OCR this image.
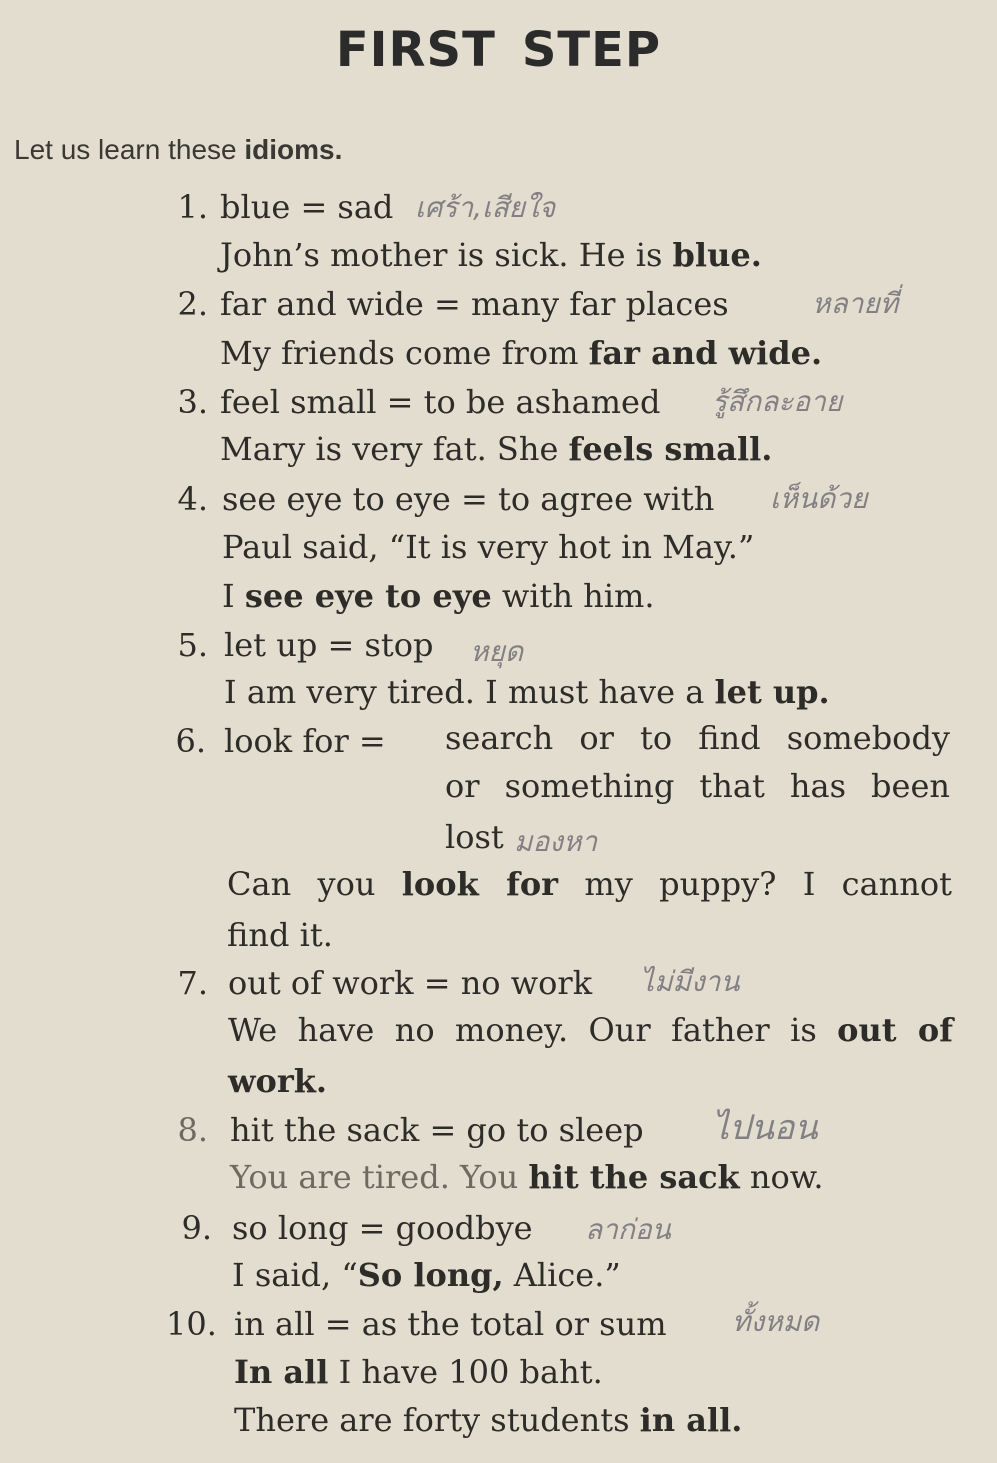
FIRST STEP
Let us learn these idioms.
1. blue = sad เศร้า,เสียใจ
John’s mother is sick. He is blue.
2. far and wide = many far places	หลายที่
My friends come from far and wide.
3. feel small = to be ashamed รู้สึกละอาย
Mary is very fat. She feels small.
4. see eye to eye = to agree with เห็นด้วย
Paul said, “It is very hot in May.”
I see eye to eye with him.
5. let up = stop หยุด
I am very tired. I must have a let up.
6. look for = search or to find somebody
or something that has been
lost มองหา
Can you look for my puppy? I cannot
find it.
7. out of work = no work ไม่มีงาน
We have no money. Our father is out of
work.
8. hit the sack = go to sleep ไปนอน
You are tired. You hit the sack now.
9. so long = goodbye ลาก่อน
I said, “So long, Alice.”
10. in all = as the total or sum ทั้งหมด
In all I have 100 baht.
There are forty students in all.
